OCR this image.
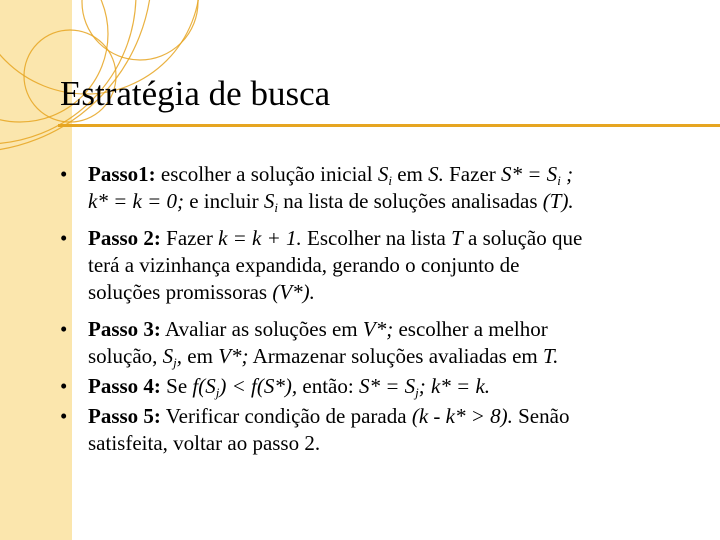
Estratégia de busca
• Passo1: escolher a solução inicial $S_i$ em S. Fazer $S* = S_i$ ;
k* = k = 0; e incluir $S_i$ na lista de soluções analisadas (T).
• Passo 2: Fazer k = k + 1. Escolher na lista T a solução que
terá a vizinhança expandida, gerando o conjunto de
soluções promissoras (V*).
• Passo 3: Avaliar as soluções em V*; escolher a melhor
solução, $S_j$, em V*; Armazenar soluções avaliadas em T.
• Passo 4: Se $f(S_j) < f(S*)$, então: $S* = S_j$; k* = k.
• Passo 5: Verificar condição de parada (k - k* > 8). Senão
satisfeita, voltar ao passo 2.
